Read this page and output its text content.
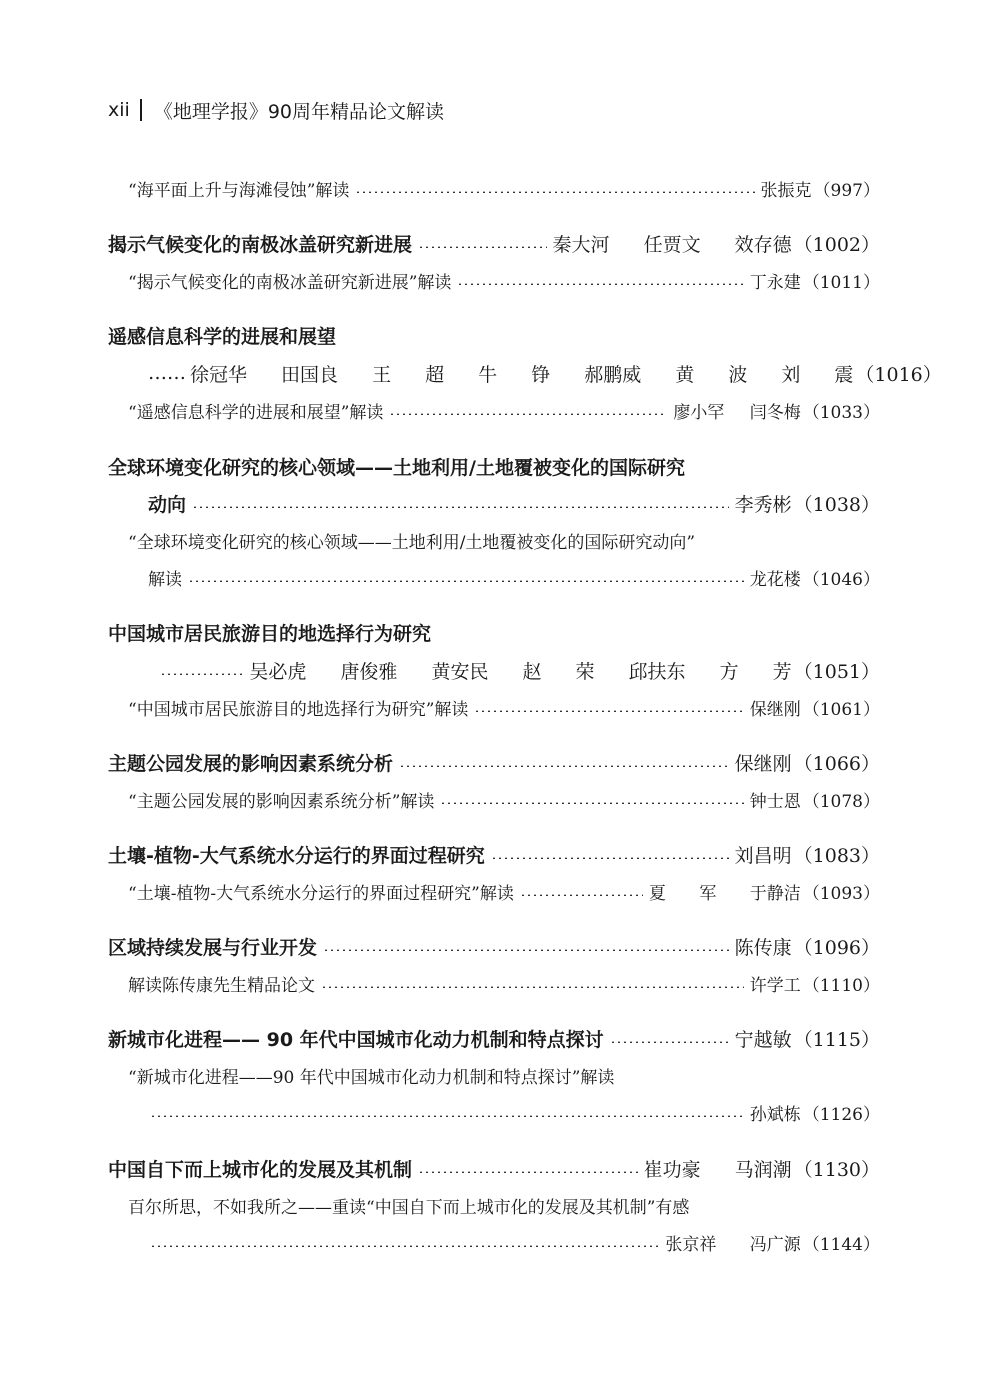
xii 《地理学报》90周年精品论文解读
“海平面上升与海滩侵蚀”解读	张振克 （997）
揭示气候变化的南极冰盖研究新进展	秦大河 任贾文 效存德 （1002）
“揭示气候变化的南极冰盖研究新进展”解读	丁永建 （1011）
遥感信息科学的进展和展望
…… 徐冠华 田国良 王 超 牛 铮 郝鹏威 黄 波 刘 震 （1016）
“遥感信息科学的进展和展望”解读	廖小罕 闫冬梅 （1033）
全球环境变化研究的核心领域——土地利用/土地覆被变化的国际研究
动向	李秀彬 （1038）
“全球环境变化研究的核心领域——土地利用/土地覆被变化的国际研究动向”
解读	龙花楼 （1046）
中国城市居民旅游目的地选择行为研究
吴必虎 唐俊雅 黄安民 赵 荣 邱扶东 方 芳 （1051）
“中国城市居民旅游目的地选择行为研究”解读	保继刚 （1061）
主题公园发展的影响因素系统分析	保继刚 （1066）
“主题公园发展的影响因素系统分析”解读	钟士恩 （1078）
土壤-植物-大气系统水分运行的界面过程研究	刘昌明 （1083）
“土壤-植物-大气系统水分运行的界面过程研究”解读	夏 军 于静洁 （1093）
区域持续发展与行业开发	陈传康 （1096）
解读陈传康先生精品论文	许学工 （1110）
新城市化进程—— 90 年代中国城市化动力机制和特点探讨	宁越敏 （1115）
“新城市化进程——90 年代中国城市化动力机制和特点探讨”解读
孙斌栋 （1126）
中国自下而上城市化的发展及其机制	崔功豪 马润潮 （1130）
百尔所思，不如我所之——重读“中国自下而上城市化的发展及其机制”有感
张京祥 冯广源 （1144）
